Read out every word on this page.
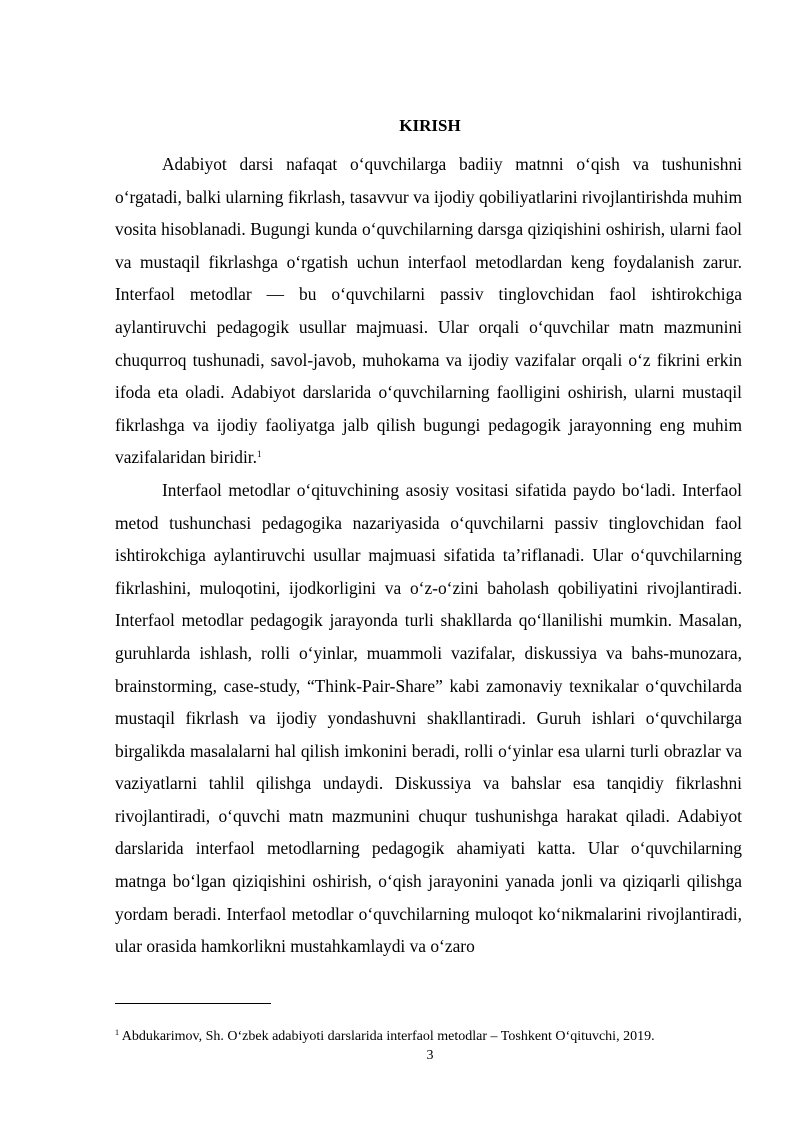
KIRISH

Adabiyot darsi nafaqat o‘quvchilarga badiiy matnni o‘qish va tushunishni o‘rgatadi, balki ularning fikrlash, tasavvur va ijodiy qobiliyatlarini rivojlantirishda muhim vosita hisoblanadi. Bugungi kunda o‘quvchilarning darsga qiziqishini oshirish, ularni faol va mustaqil fikrlashga o‘rgatish uchun interfaol metodlardan keng foydalanish zarur. Interfaol metodlar — bu o‘quvchilarni passiv tinglovchidan faol ishtirokchiga aylantiruvchi pedagogik usullar majmuasi. Ular orqali o‘quvchilar matn mazmunini chuqurroq tushunadi, savol-javob, muhokama va ijodiy vazifalar orqali o‘z fikrini erkin ifoda eta oladi. Adabiyot darslarida o‘quvchilarning faolligini oshirish, ularni mustaqil fikrlashga va ijodiy faoliyatga jalb qilish bugungi pedagogik jarayonning eng muhim vazifalaridan biridir.$^1$

Interfaol metodlar o‘qituvchining asosiy vositasi sifatida paydo bo‘ladi. Interfaol metod tushunchasi pedagogika nazariyasida o‘quvchilarni passiv tinglovchidan faol ishtirokchiga aylantiruvchi usullar majmuasi sifatida ta’riflanadi. Ular o‘quvchilarning fikrlashini, muloqotini, ijodkorligini va o‘z-o‘zini baholash qobiliyatini rivojlantiradi. Interfaol metodlar pedagogik jarayonda turli shakllarda qo‘llanilishi mumkin. Masalan, guruhlarda ishlash, rolli o‘yinlar, muammoli vazifalar, diskussiya va bahs-munozara, brainstorming, case-study, “Think-Pair-Share” kabi zamonaviy texnikalar o‘quvchilarda mustaqil fikrlash va ijodiy yondashuvni shakllantiradi. Guruh ishlari o‘quvchilarga birgalikda masalalarni hal qilish imkonini beradi, rolli o‘yinlar esa ularni turli obrazlar va vaziyatlarni tahlil qilishga undaydi. Diskussiya va bahslar esa tanqidiy fikrlashni rivojlantiradi, o‘quvchi matn mazmunini chuqur tushunishga harakat qiladi. Adabiyot darslarida interfaol metodlarning pedagogik ahamiyati katta. Ular o‘quvchilarning matnga bo‘lgan qiziqishini oshirish, o‘qish jarayonini yanada jonli va qiziqarli qilishga yordam beradi. Interfaol metodlar o‘quvchilarning muloqot ko‘nikmalarini rivojlantiradi, ular orasida hamkorlikni mustahkamlaydi va o‘zaro

$^1$ Abdukarimov, Sh. O‘zbek adabiyoti darslarida interfaol metodlar – Toshkent O‘qituvchi, 2019.
3
